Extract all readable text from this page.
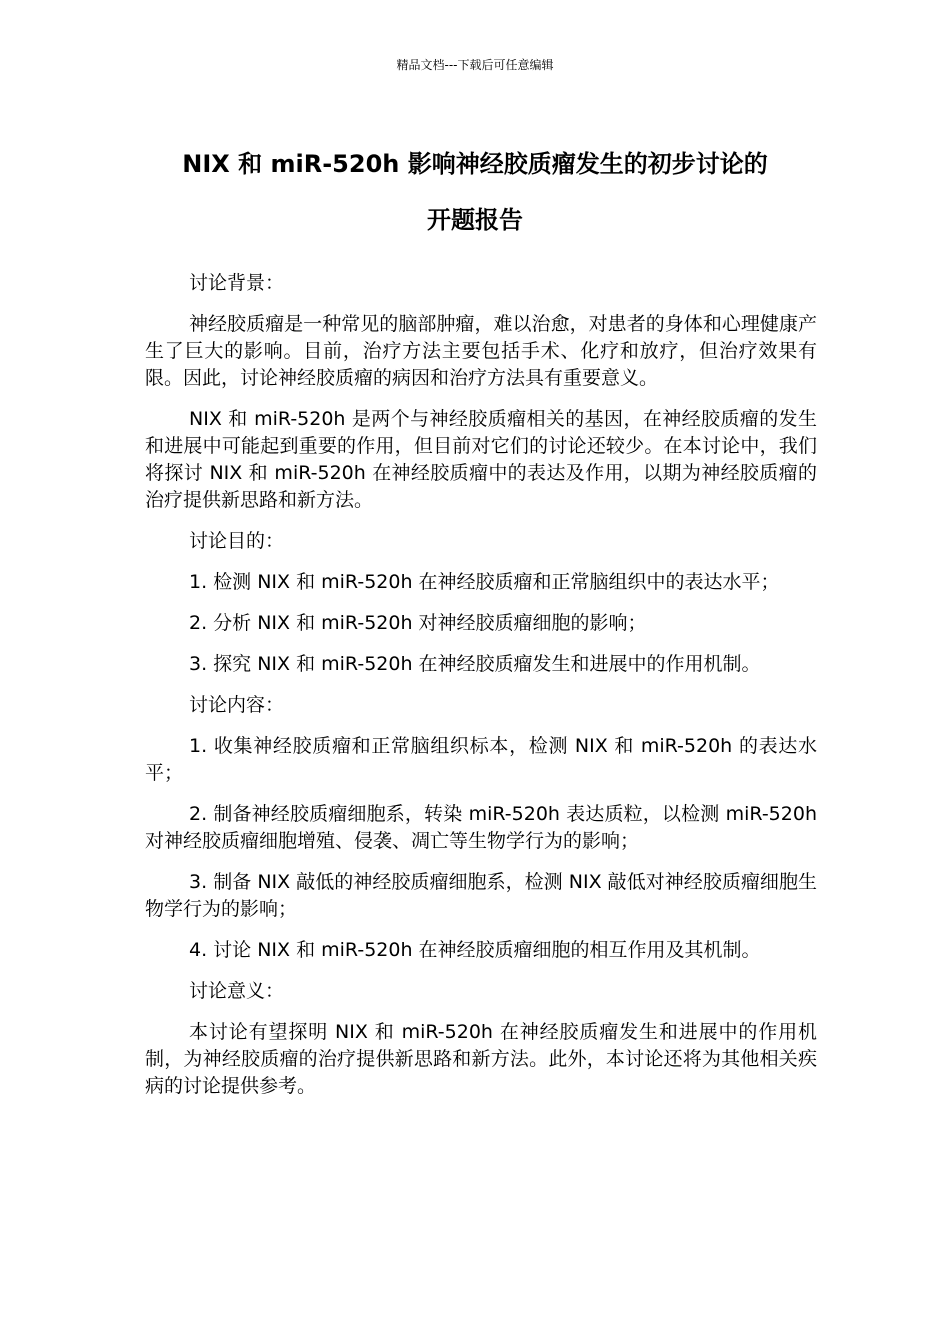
精品文档---下载后可任意编辑
NIX 和 miR-520h 影响神经胶质瘤发生的初步讨论的
开题报告

讨论背景：

神经胶质瘤是一种常见的脑部肿瘤，难以治愈，对患者的身体和心理健康产生了巨大的影响。目前，治疗方法主要包括手术、化疗和放疗，但治疗效果有限。因此，讨论神经胶质瘤的病因和治疗方法具有重要意义。

NIX 和 miR-520h 是两个与神经胶质瘤相关的基因，在神经胶质瘤的发生和进展中可能起到重要的作用，但目前对它们的讨论还较少。在本讨论中，我们将探讨 NIX 和 miR-520h 在神经胶质瘤中的表达及作用，以期为神经胶质瘤的治疗提供新思路和新方法。

讨论目的：

1. 检测 NIX 和 miR-520h 在神经胶质瘤和正常脑组织中的表达水平；

2. 分析 NIX 和 miR-520h 对神经胶质瘤细胞的影响；

3. 探究 NIX 和 miR-520h 在神经胶质瘤发生和进展中的作用机制。

讨论内容：

1. 收集神经胶质瘤和正常脑组织标本，检测 NIX 和 miR-520h 的表达水平；

2. 制备神经胶质瘤细胞系，转染 miR-520h 表达质粒，以检测 miR-520h 对神经胶质瘤细胞增殖、侵袭、凋亡等生物学行为的影响；

3. 制备 NIX 敲低的神经胶质瘤细胞系，检测 NIX 敲低对神经胶质瘤细胞生物学行为的影响；

4. 讨论 NIX 和 miR-520h 在神经胶质瘤细胞的相互作用及其机制。

讨论意义：

本讨论有望探明 NIX 和 miR-520h 在神经胶质瘤发生和进展中的作用机制，为神经胶质瘤的治疗提供新思路和新方法。此外，本讨论还将为其他相关疾病的讨论提供参考。
